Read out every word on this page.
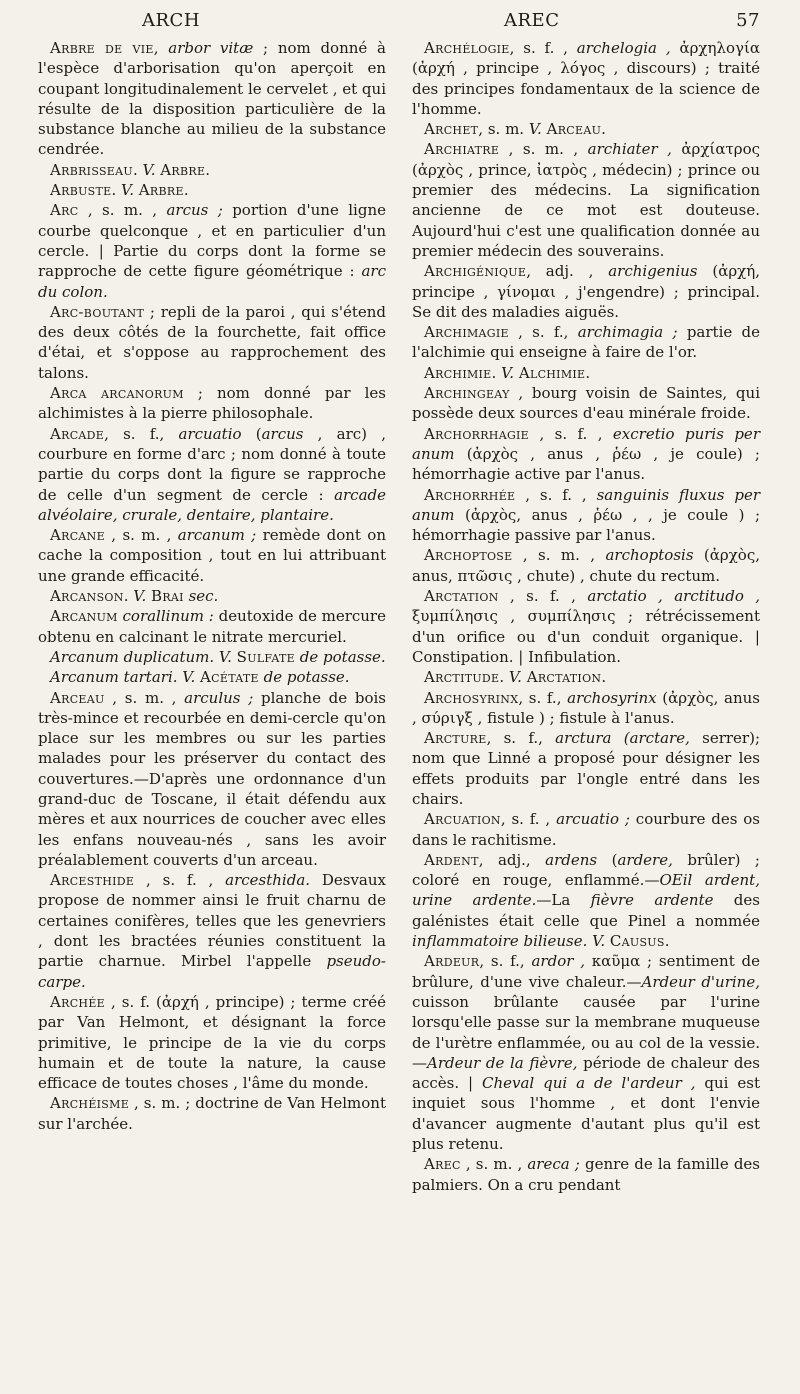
ARCH	AREC	57

Arbre de vie, arbor vitæ ; nom donné à l'espèce d'arborisation qu'on aperçoit en coupant longitudinalement le cervelet , et qui résulte de la disposition particulière de la substance blanche au milieu de la substance cendrée.

Arbrisseau. V. Arbre.

Arbuste. V. Arbre.

Arc , s. m. , arcus ; portion d'une ligne courbe quelconque , et en particulier d'un cercle. | Partie du corps dont la forme se rapproche de cette figure géométrique : arc du colon.

Arc-boutant ; repli de la paroi , qui s'étend des deux côtés de la fourchette, fait office d'étai, et s'oppose au rapprochement des talons.

Arca arcanorum ; nom donné par les alchimistes à la pierre philosophale.

Arcade, s. f., arcuatio (arcus , arc) , courbure en forme d'arc ; nom donné à toute partie du corps dont la figure se rapproche de celle d'un segment de cercle : arcade alvéolaire, crurale, dentaire, plantaire.

Arcane , s. m. , arcanum ; remède dont on cache la composition , tout en lui attribuant une grande efficacité.

Arcanson. V. Brai sec.

Arcanum corallinum : deutoxide de mercure obtenu en calcinant le nitrate mercuriel.

Arcanum duplicatum. V. Sulfate de potasse.

Arcanum tartari. V. Acétate de potasse.

Arceau , s. m. , arculus ; planche de bois très-mince et recourbée en demi-cercle qu'on place sur les membres ou sur les parties malades pour les préserver du contact des couvertures.—D'après une ordonnance d'un grand-duc de Toscane, il était défendu aux mères et aux nourrices de coucher avec elles les enfans nouveau-nés , sans les avoir préalablement couverts d'un arceau.

Arcesthide , s. f. , arcesthida. Desvaux propose de nommer ainsi le fruit charnu de certaines conifères, telles que les genevriers , dont les bractées réunies constituent la partie charnue. Mirbel l'appelle pseudo-carpe.

Archée , s. f. (ἀρχή , principe) ; terme créé par Van Helmont, et désignant la force primitive, le principe de la vie du corps humain et de toute la nature, la cause efficace de toutes choses , l'âme du monde.

Archéisme , s. m. ; doctrine de Van Helmont sur l'archée.

Archélogie, s. f. , archelogia , ἀρχηλογία (ἀρχή , principe , λόγος , discours) ; traité des principes fondamentaux de la science de l'homme.

Archet, s. m. V. Arceau.

Archiatre , s. m. , archiater , ἀρχίατρος (ἀρχὸς , prince, ἰατρὸς , médecin) ; prince ou premier des médecins. La signification ancienne de ce mot est douteuse. Aujourd'hui c'est une qualification donnée au premier médecin des souverains.

Archigénique, adj. , archigenius (ἀρχή, principe , γίνομαι , j'engendre) ; principal. Se dit des maladies aiguës.

Archimagie , s. f., archimagia ; partie de l'alchimie qui enseigne à faire de l'or.

Archimie. V. Alchimie.

Archingeay , bourg voisin de Saintes, qui possède deux sources d'eau minérale froide.

Archorrhagie , s. f. , excretio puris per anum (ἀρχὸς , anus , ῥέω , je coule) ; hémorrhagie active par l'anus.

Archorrhée , s. f. , sanguinis fluxus per anum (ἀρχὸς, anus , ῥέω , , je coule ) ; hémorrhagie passive par l'anus.

Archoptose , s. m. , archoptosis (ἀρχὸς, anus, πτῶσις , chute) , chute du rectum.

Arctation , s. f. , arctatio , arctitudo , ξυμπίλησις , συμπίλησις ; rétrécissement d'un orifice ou d'un conduit organique. | Constipation. | Infibulation.

Arctitude. V. Arctation.

Archosyrinx, s. f., archosyrinx (ἀρχὸς, anus , σύριγξ , fistule ) ; fistule à l'anus.

Arcture, s. f., arctura (arctare, serrer); nom que Linné a proposé pour désigner les effets produits par l'ongle entré dans les chairs.

Arcuation, s. f. , arcuatio ; courbure des os dans le rachitisme.

Ardent, adj., ardens (ardere, brûler) ; coloré en rouge, enflammé.—OEil ardent, urine ardente.—La fièvre ardente des galénistes était celle que Pinel a nommée inflammatoire bilieuse. V. Causus.

Ardeur, s. f., ardor , καῦμα ; sentiment de brûlure, d'une vive chaleur.—Ardeur d'urine, cuisson brûlante causée par l'urine lorsqu'elle passe sur la membrane muqueuse de l'urètre enflammée, ou au col de la vessie.—Ardeur de la fièvre, période de chaleur des accès. | Cheval qui a de l'ardeur , qui est inquiet sous l'homme , et dont l'envie d'avancer augmente d'autant plus qu'il est plus retenu.

Arec , s. m. , areca ; genre de la famille des palmiers. On a cru pendant
